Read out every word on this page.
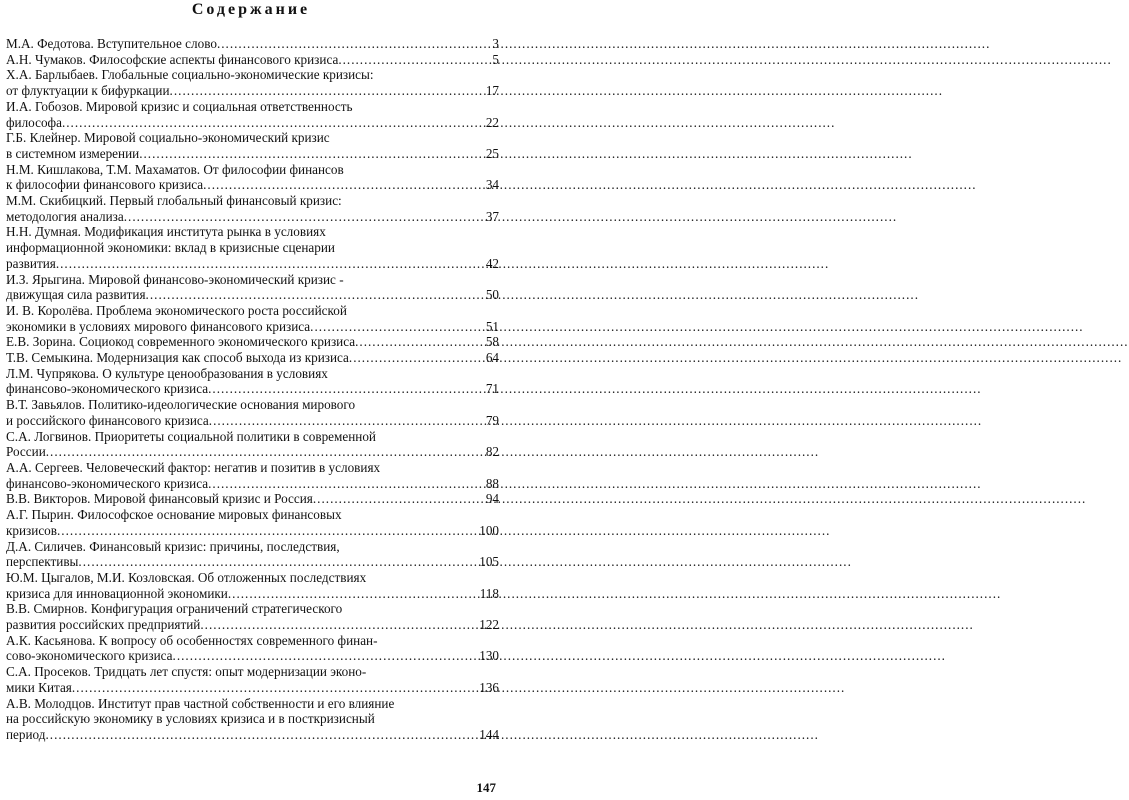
Содержание
М.А. Федотова. Вступительное слово .....	3
А.Н. Чумаков. Философские аспекты финансового кризиса .....	5
Х.А. Барлыбаев. Глобальные социально-экономические кризисы:
от флуктуации к бифуркации .....	17
И.А. Гобозов. Мировой кризис и социальная ответственность
философа .....	22
Г.Б. Клейнер. Мировой социально-экономический кризис
в системном измерении .....	25
Н.М. Кишлакова, Т.М. Махаматов. От философии финансов
к философии финансового кризиса .....	34
М.М. Скибицкий. Первый глобальный финансовый кризис:
методология анализа .....	37
Н.Н. Думная. Модификация института рынка в условиях
информационной экономики: вклад в кризисные сценарии
развития .....	42
И.З. Ярыгина. Мировой финансово-экономический кризис -
движущая сила развития .....	50
И. В. Королёва. Проблема экономического роста российской
экономики в условиях мирового финансового кризиса .....	51
Е.В. Зорина. Социокод современного экономического кризиса .....	58
Т.В. Семыкина. Модернизация как способ выхода из кризиса .....	64
Л.М. Чупрякова. О культуре ценообразования в условиях
финансово-экономического кризиса .....	71
В.Т. Завьялов. Политико-идеологические основания мирового
и российского финансового кризиса .....	79
С.А. Логвинов. Приоритеты социальной политики в современной
России .....	82
А.А. Сергеев. Человеческий фактор: негатив и позитив в условиях
финансово-экономического кризиса .....	88
В.В. Викторов. Мировой финансовый кризис и Россия .....	94
А.Г. Пырин. Философское основание мировых финансовых
кризисов .....	100
Д.А. Силичев. Финансовый кризис: причины, последствия,
перспективы .....	105
Ю.М. Цыгалов, М.И. Козловская. Об отложенных последствиях
кризиса для инновационной экономики .....	118
В.В. Смирнов. Конфигурация ограничений стратегического
развития российских предприятий .....	122
А.К. Касьянова. К вопросу об особенностях современного финан-
сово-экономического кризиса .....	130
С.А. Просеков. Тридцать лет спустя: опыт модернизации эконо-
мики Китая .....	136
А.В. Молодцов. Институт прав частной собственности и его влияние
на российскую экономику в условиях кризиса и в посткризисный
период .....	144
147
